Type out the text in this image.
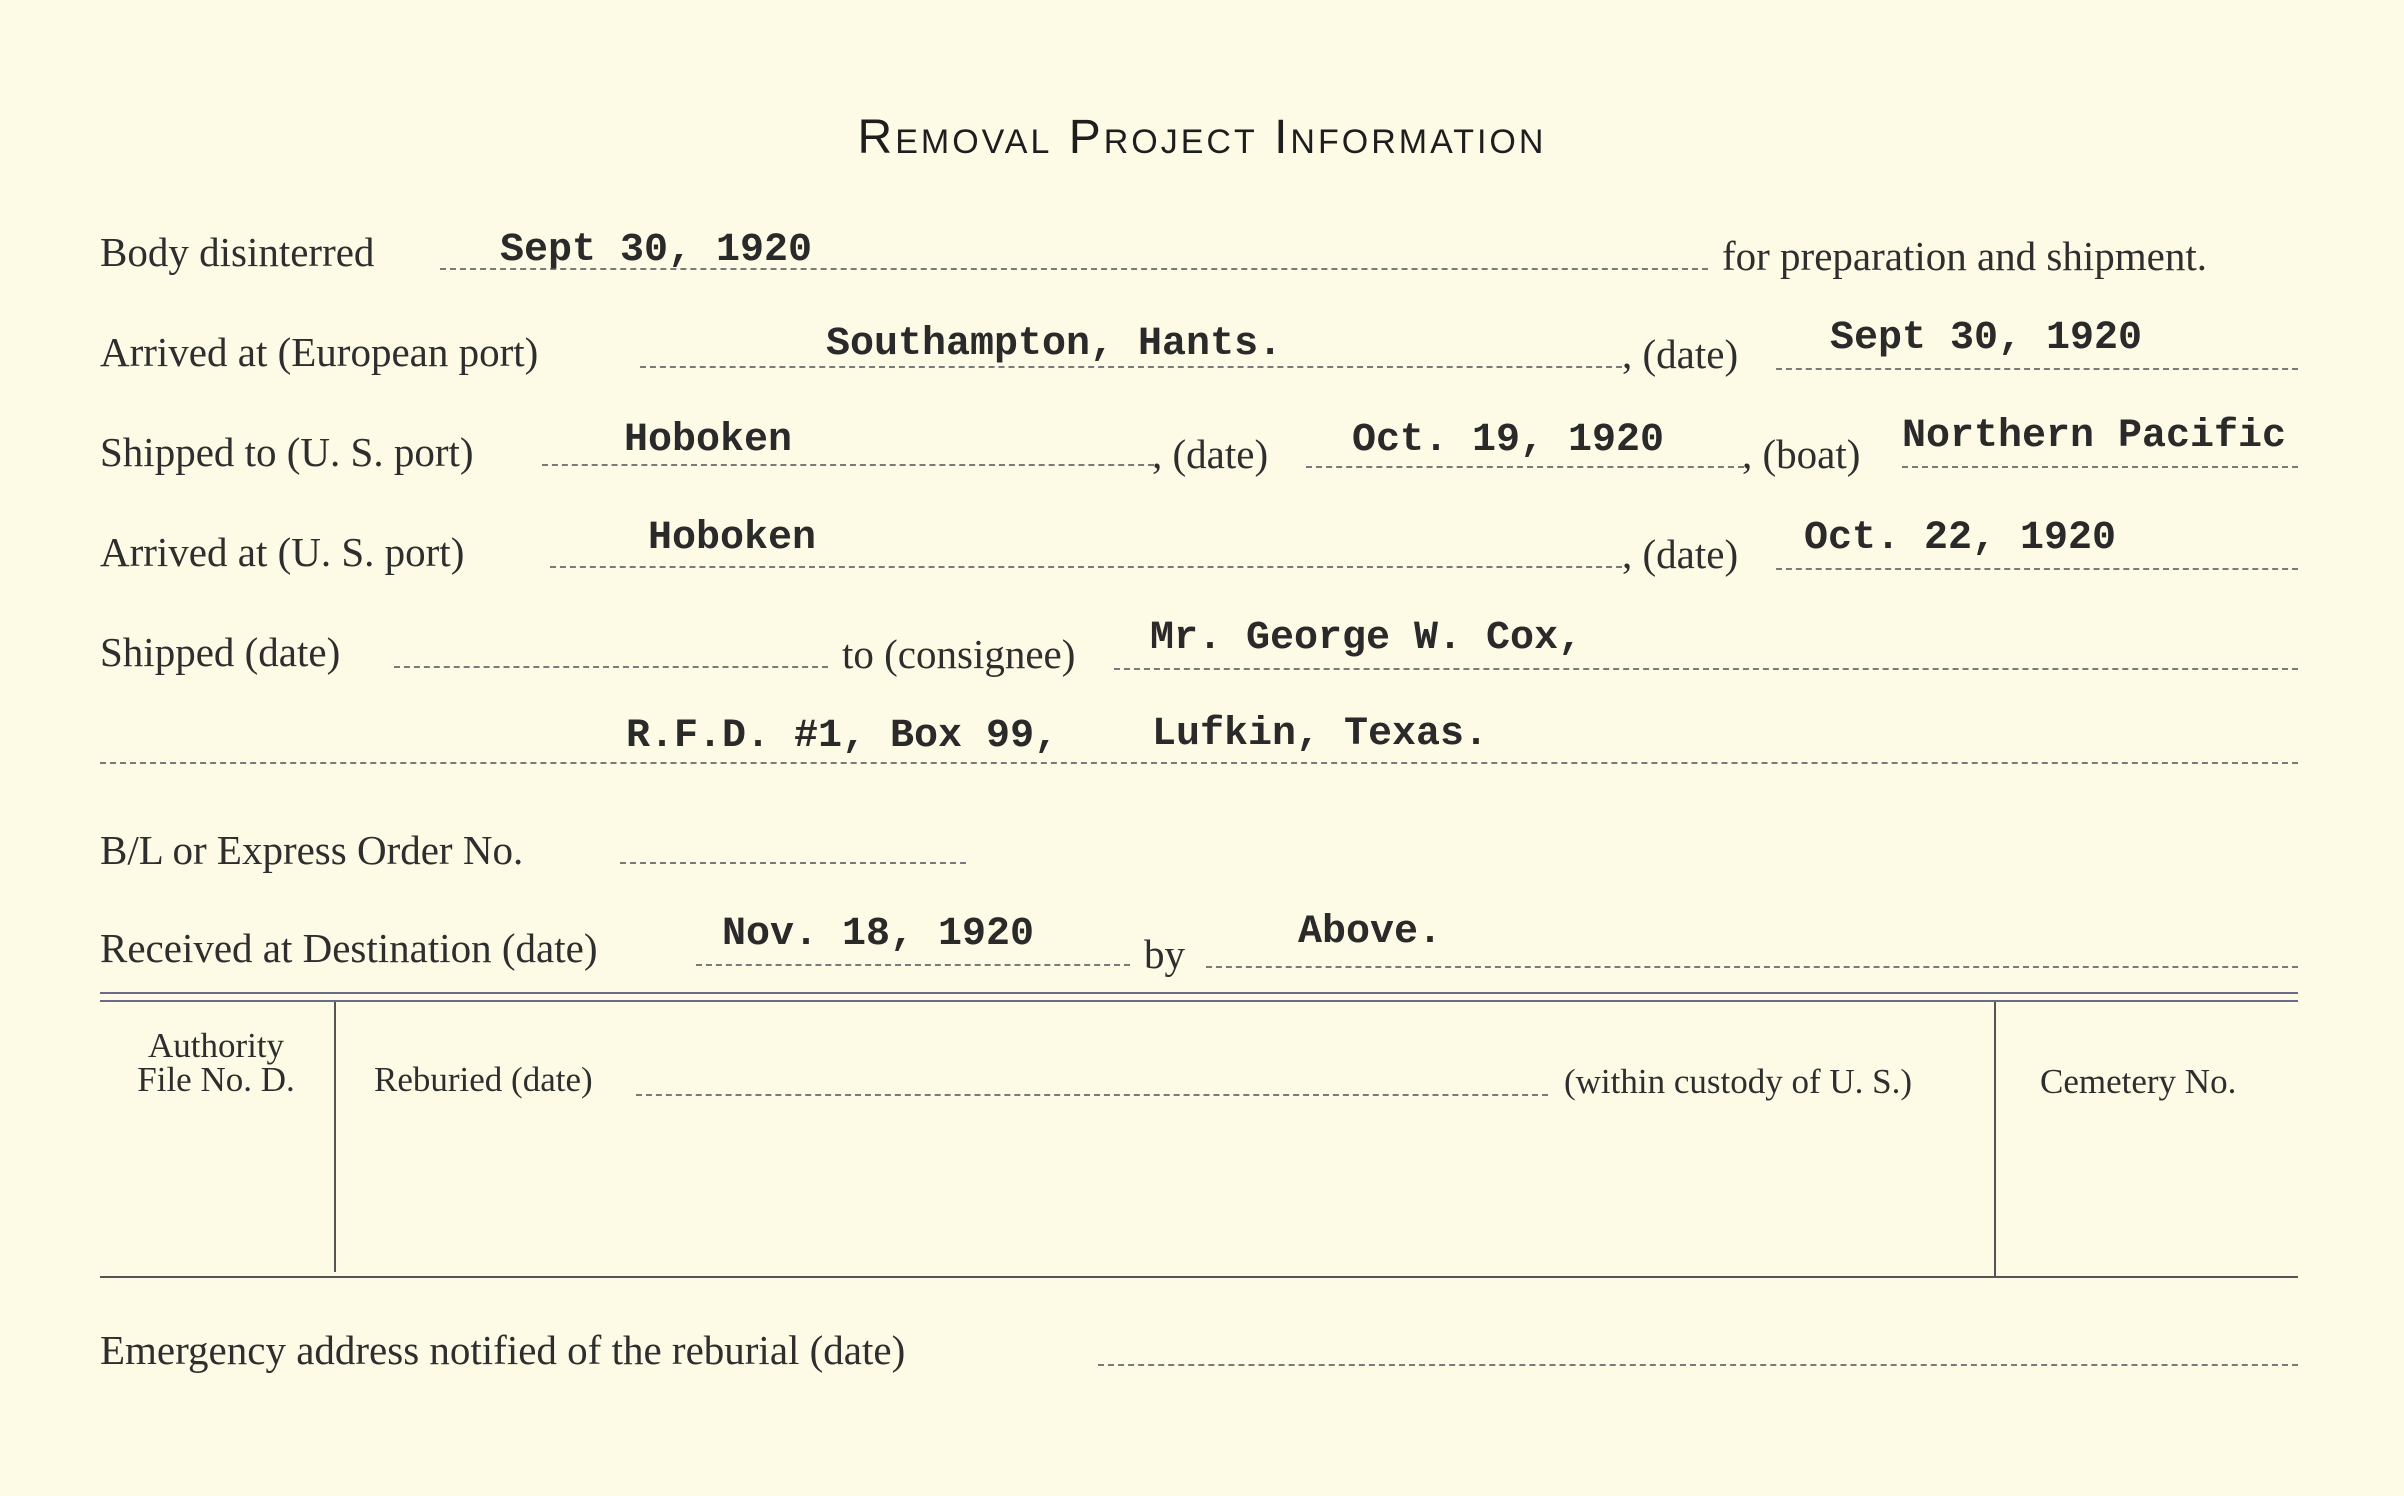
Removal Project Information
Body disinterred	Sept 30, 1920	for preparation and shipment.
Arrived at (European port)	Southampton, Hants.	, (date) Sept 30, 1920
Shipped to (U. S. port)	Hoboken	, (date) Oct. 19, 1920 , (boat) Northern Pacific
Arrived at (U. S. port)	Hoboken	, (date) Oct. 22, 1920
Shipped (date)	to (consignee) Mr. George W. Cox,
R.F.D. #1, Box 99, Lufkin, Texas.
B/L or Express Order No.
Received at Destination (date)	Nov. 18, 1920	by	Above.
Authority
File No. D.	Reburied (date)	(within custody of U. S.)	Cemetery No.
Emergency address notified of the reburial (date)
